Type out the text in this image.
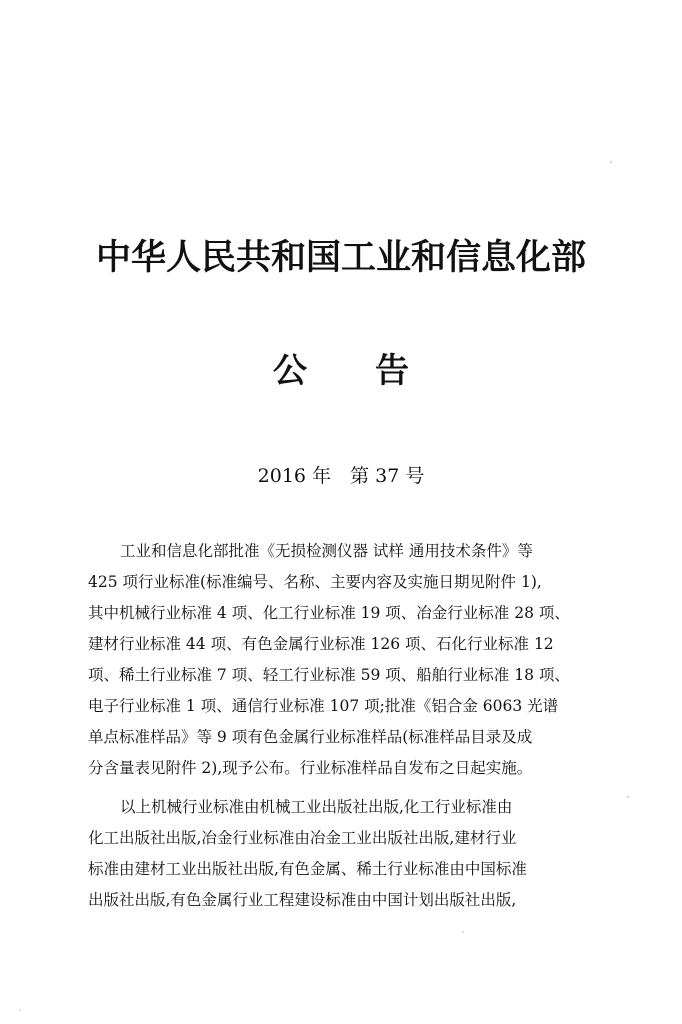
中华人民共和国工业和信息化部
公　　告
2016 年　第 37 号
工业和信息化部批准《无损检测仪器 试样 通用技术条件》等
425 项行业标准(标准编号、名称、主要内容及实施日期见附件 1),
其中机械行业标准 4 项、化工行业标准 19 项、冶金行业标准 28 项、
建材行业标准 44 项、有色金属行业标准 126 项、石化行业标准 12
项、稀土行业标准 7 项、轻工行业标准 59 项、船舶行业标准 18 项、
电子行业标准 1 项、通信行业标准 107 项;批准《铝合金 6063 光谱
单点标准样品》等 9 项有色金属行业标准样品(标准样品目录及成
分含量表见附件 2),现予公布。行业标准样品自发布之日起实施。
以上机械行业标准由机械工业出版社出版,化工行业标准由
化工出版社出版,冶金行业标准由冶金工业出版社出版,建材行业
标准由建材工业出版社出版,有色金属、稀土行业标准由中国标准
出版社出版,有色金属行业工程建设标准由中国计划出版社出版,
